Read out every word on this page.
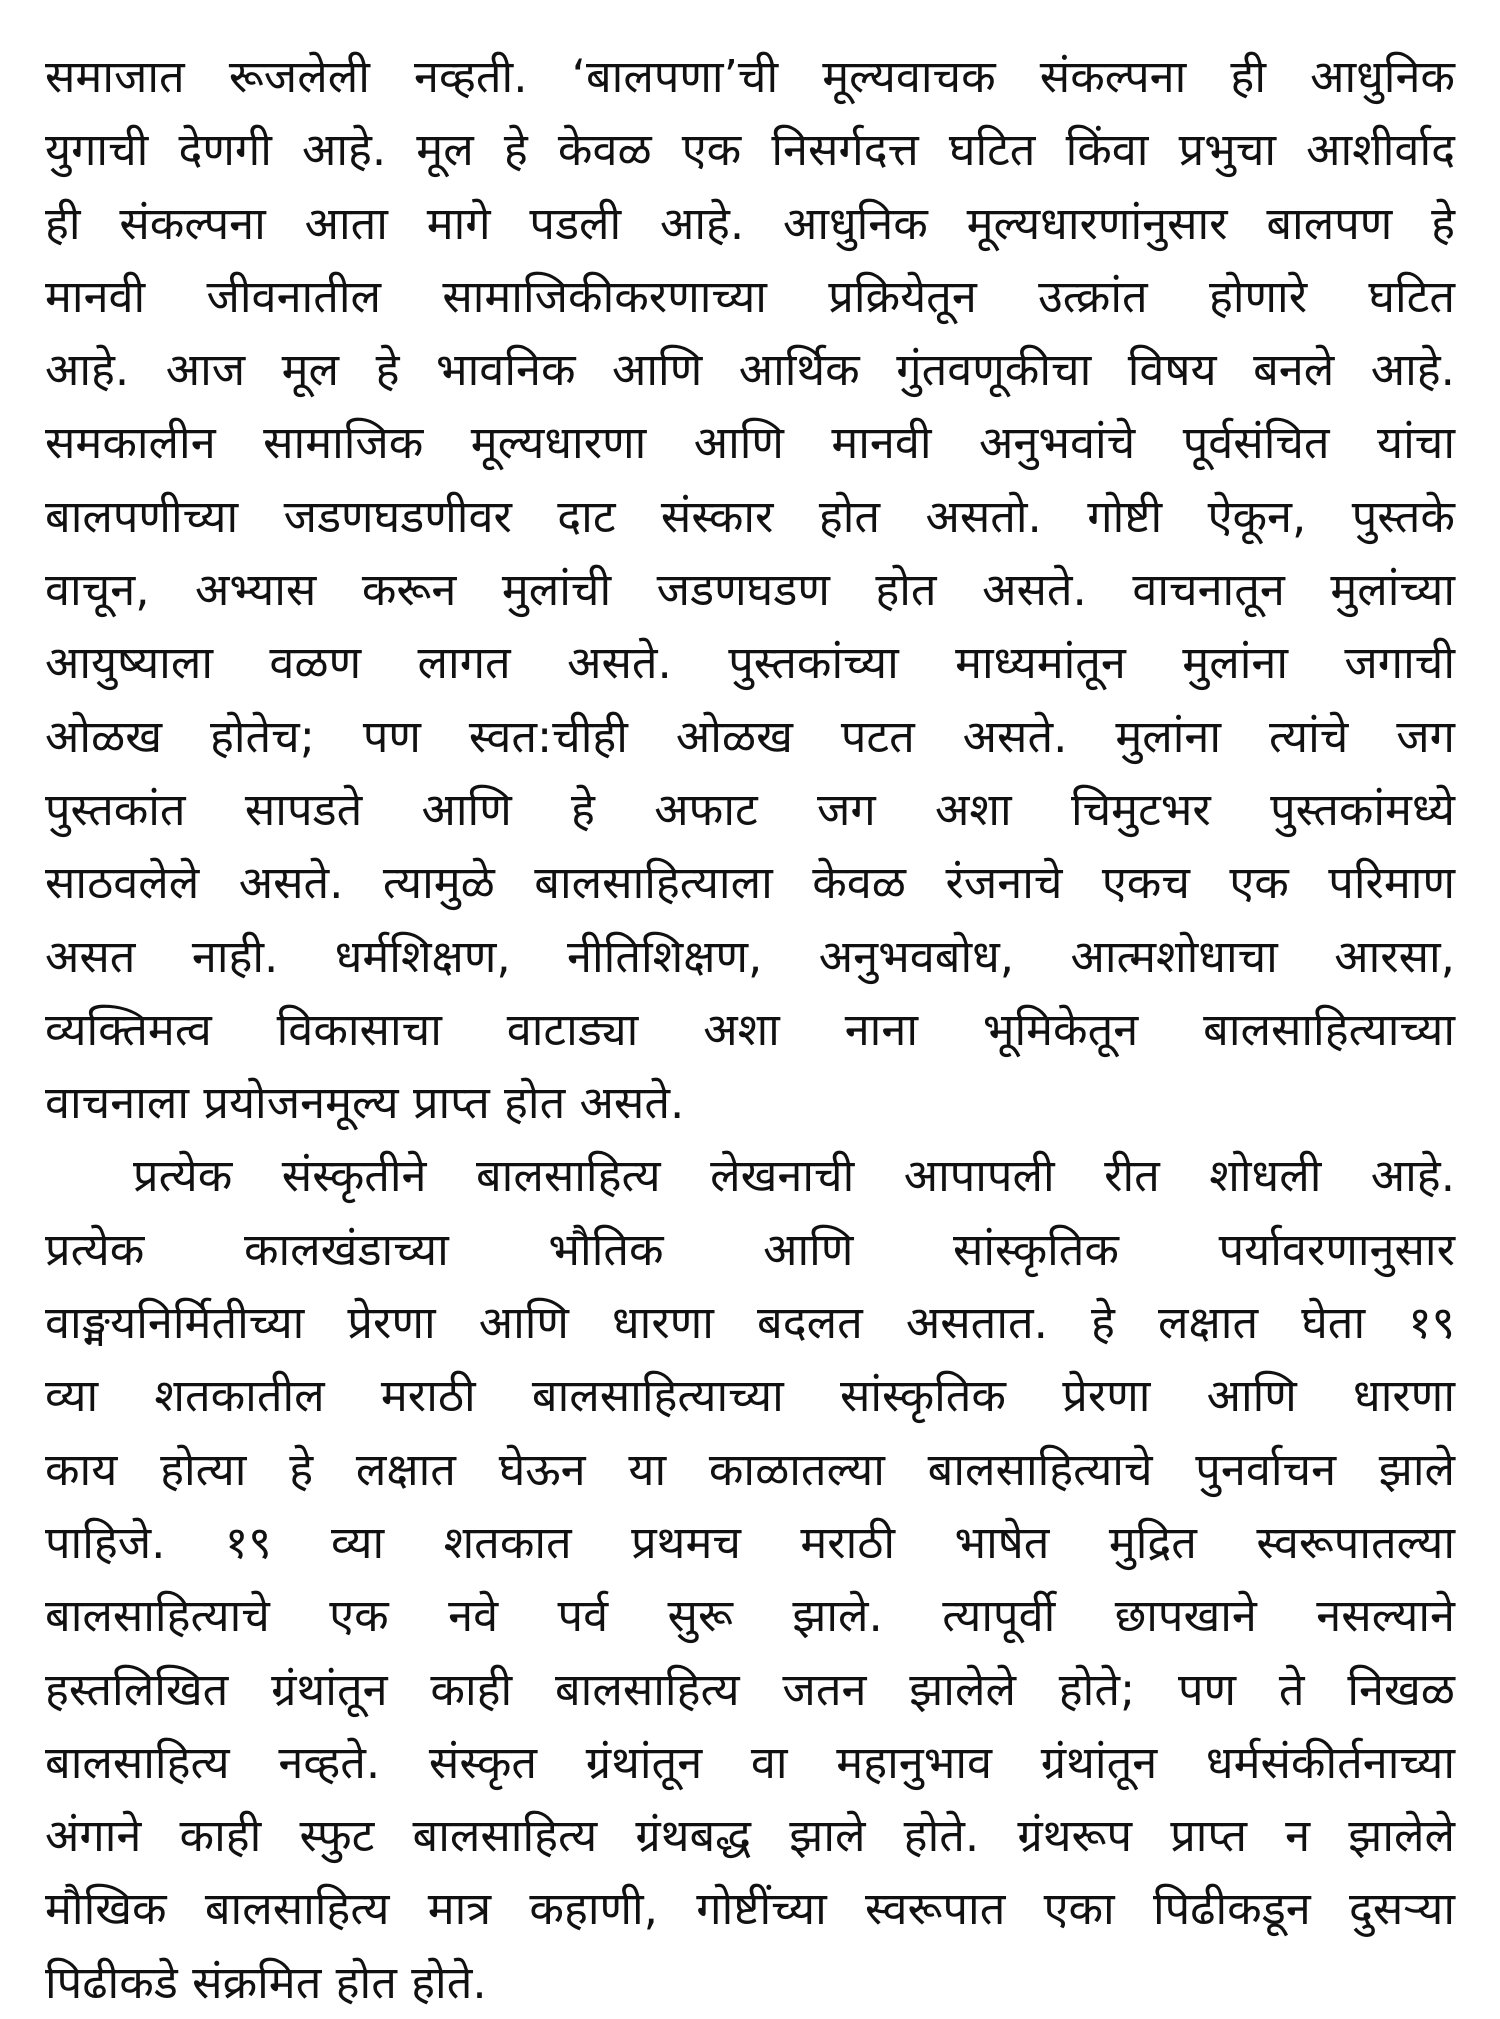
समाजात रूजलेली नव्हती. ‘बालपणा’ची मूल्यवाचक संकल्पना ही आधुनिक
युगाची देणगी आहे. मूल हे केवळ एक निसर्गदत्त घटित किंवा प्रभुचा आशीर्वाद
ही संकल्पना आता मागे पडली आहे. आधुनिक मूल्यधारणांनुसार बालपण हे
मानवी जीवनातील सामाजिकीकरणाच्या प्रक्रियेतून उत्क्रांत होणारे घटित
आहे. आज मूल हे भावनिक आणि आर्थिक गुंतवणूकीचा विषय बनले आहे.
समकालीन सामाजिक मूल्यधारणा आणि मानवी अनुभवांचे पूर्वसंचित यांचा
बालपणीच्या जडणघडणीवर दाट संस्कार होत असतो. गोष्टी ऐकून, पुस्तके
वाचून, अभ्यास करून मुलांची जडणघडण होत असते. वाचनातून मुलांच्या
आयुष्याला वळण लागत असते. पुस्तकांच्या माध्यमांतून मुलांना जगाची
ओळख होतेच; पण स्वत:चीही ओळख पटत असते. मुलांना त्यांचे जग
पुस्तकांत सापडते आणि हे अफाट जग अशा चिमुटभर पुस्तकांमध्ये
साठवलेले असते. त्यामुळे बालसाहित्याला केवळ रंजनाचे एकच एक परिमाण
असत नाही. धर्मशिक्षण, नीतिशिक्षण, अनुभवबोध, आत्मशोधाचा आरसा,
व्यक्तिमत्व विकासाचा वाटाड्या अशा नाना भूमिकेतून बालसाहित्याच्या
वाचनाला प्रयोजनमूल्य प्राप्त होत असते.
प्रत्येक संस्कृतीने बालसाहित्य लेखनाची आपापली रीत शोधली आहे.
प्रत्येक कालखंडाच्या भौतिक आणि सांस्कृतिक पर्यावरणानुसार
वाङ्मयनिर्मितीच्या प्रेरणा आणि धारणा बदलत असतात. हे लक्षात घेता १९
व्या शतकातील मराठी बालसाहित्याच्या सांस्कृतिक प्रेरणा आणि धारणा
काय होत्या हे लक्षात घेऊन या काळातल्या बालसाहित्याचे पुनर्वाचन झाले
पाहिजे. १९ व्या शतकात प्रथमच मराठी भाषेत मुद्रित स्वरूपातल्या
बालसाहित्याचे एक नवे पर्व सुरू झाले. त्यापूर्वी छापखाने नसल्याने
हस्तलिखित ग्रंथांतून काही बालसाहित्य जतन झालेले होते; पण ते निखळ
बालसाहित्य नव्हते. संस्कृत ग्रंथांतून वा महानुभाव ग्रंथांतून धर्मसंकीर्तनाच्या
अंगाने काही स्फुट बालसाहित्य ग्रंथबद्ध झाले होते. ग्रंथरूप प्राप्त न झालेले
मौखिक बालसाहित्य मात्र कहाणी, गोष्टींच्या स्वरूपात एका पिढीकडून दुसऱ्या
पिढीकडे संक्रमित होत होते.
